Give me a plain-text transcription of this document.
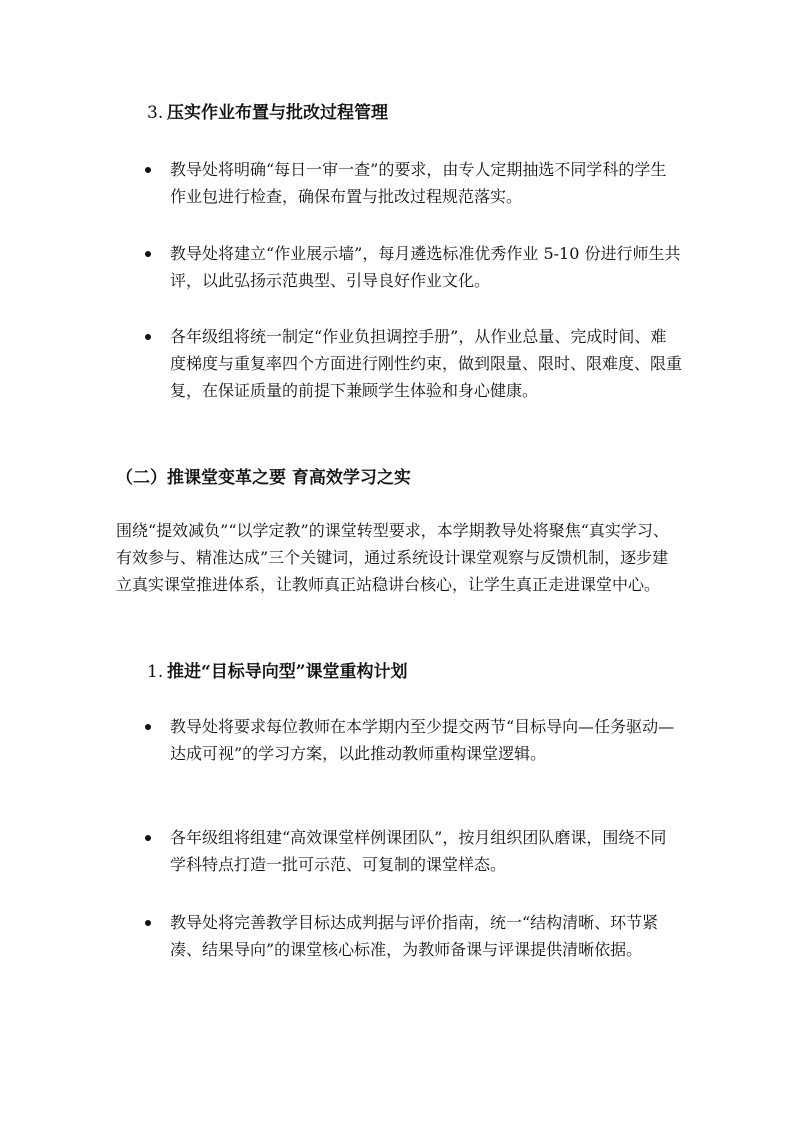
3. 压实作业布置与批改过程管理
教导处将明确“每日一审一查”的要求，由专人定期抽选不同学科的学生作业包进行检查，确保布置与批改过程规范落实。
教导处将建立“作业展示墙”，每月遴选标准优秀作业 5-10 份进行师生共评，以此弘扬示范典型、引导良好作业文化。
各年级组将统一制定“作业负担调控手册”，从作业总量、完成时间、难度梯度与重复率四个方面进行刚性约束，做到限量、限时、限难度、限重复，在保证质量的前提下兼顾学生体验和身心健康。
（二）推课堂变革之要 育高效学习之实
围绕“提效减负”“以学定教”的课堂转型要求，本学期教导处将聚焦“真实学习、有效参与、精准达成”三个关键词，通过系统设计课堂观察与反馈机制，逐步建立真实课堂推进体系，让教师真正站稳讲台核心，让学生真正走进课堂中心。
1. 推进“目标导向型”课堂重构计划
教导处将要求每位教师在本学期内至少提交两节“目标导向—任务驱动—达成可视”的学习方案，以此推动教师重构课堂逻辑。
各年级组将组建“高效课堂样例课团队”，按月组织团队磨课，围绕不同学科特点打造一批可示范、可复制的课堂样态。
教导处将完善教学目标达成判据与评价指南，统一“结构清晰、环节紧凑、结果导向”的课堂核心标准，为教师备课与评课提供清晰依据。
